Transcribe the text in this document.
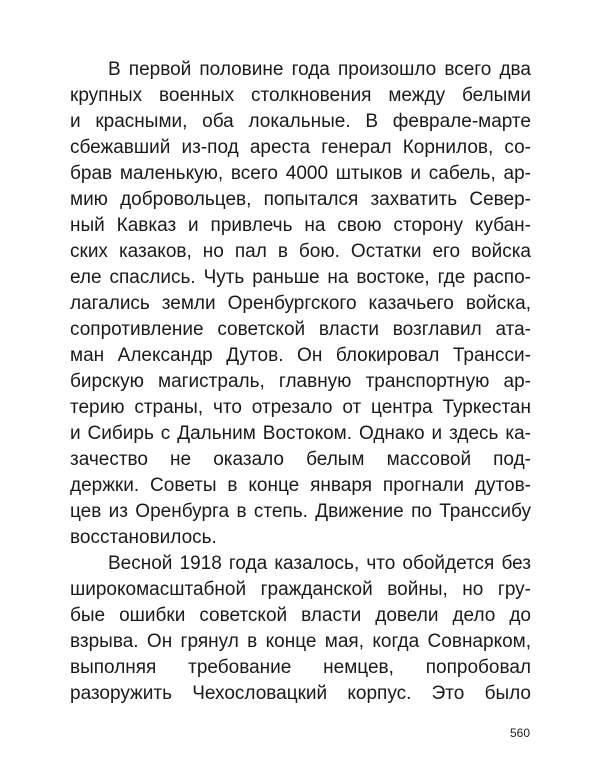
В первой половине года произошло всего два
крупных военных столкновения между белыми
и красными, оба локальные. В феврале-марте
сбежавший из-под ареста генерал Корнилов, со-
брав маленькую, всего 4000 штыков и сабель, ар-
мию добровольцев, попытался захватить Север-
ный Кавказ и привлечь на свою сторону кубан-
ских казаков, но пал в бою. Остатки его войска
еле спаслись. Чуть раньше на востоке, где распо-
лагались земли Оренбургского казачьего войска,
сопротивление советской власти возглавил ата-
ман Александр Дутов. Он блокировал Трансси-
бирскую магистраль, главную транспортную ар-
терию страны, что отрезало от центра Туркестан
и Сибирь с Дальним Востоком. Однако и здесь ка-
зачество не оказало белым массовой под-
держки. Советы в конце января прогнали дутов-
цев из Оренбурга в степь. Движение по Транссибу
восстановилось.
Весной 1918 года казалось, что обойдется без
широкомасштабной гражданской войны, но гру-
бые ошибки советской власти довели дело до
взрыва. Он грянул в конце мая, когда Совнарком,
выполняя требование немцев, попробовал
разоружить Чехословацкий корпус. Это было
560
